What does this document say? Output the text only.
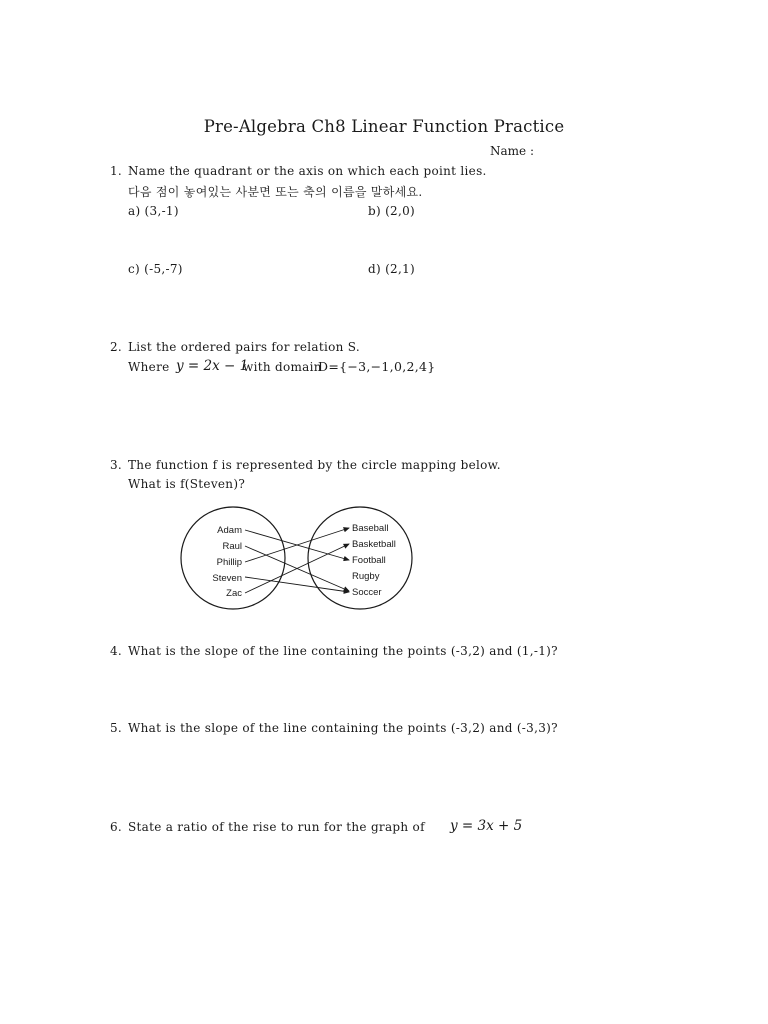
Pre-Algebra Ch8 Linear Function Practice
Name :
1. Name the quadrant or the axis on which each point lies.
다음 점이 놓여있는 사분면 또는 축의 이름을 말하세요.
a) (3,-1)	b) (2,0)
c) (-5,-7)	d) (2,1)
2. List the ordered pairs for relation S.
Where y = 2x − 1
with domain
D={−3,−1,0,2,4}
3. The function f is represented by the circle mapping below.
What is f(Steven)?
Adam
Raul
Phillip
Steven
Zac
Baseball
Basketball
Football
Rugby
Soccer
4. What is the slope of the line containing the points (-3,2) and (1,-1)?
5. What is the slope of the line containing the points (-3,2) and (-3,3)?
6. State a ratio of the rise to run for the graph of y = 3x + 5
